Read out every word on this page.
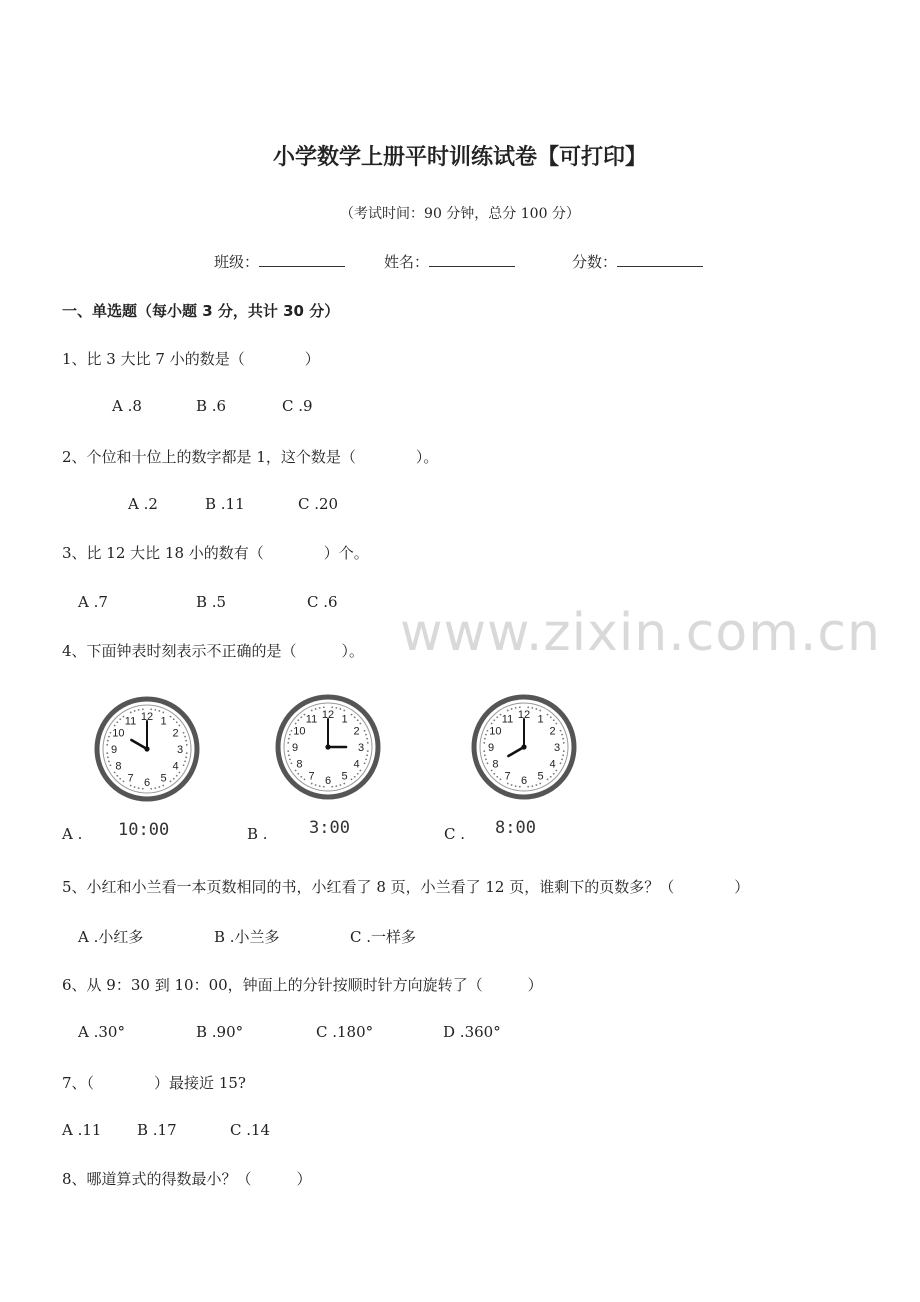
小学数学上册平时训练试卷【可打印】
（考试时间：90 分钟，总分 100 分）
班级：	姓名：	分数：
一、单选题（每小题 3 分，共计 30 分）
1、比 3 大比 7 小的数是（　　　　）
A .8	B .6	C .9
2、个位和十位上的数字都是 1，这个数是（　　　　）。
A .2	B .11	C .20
3、比 12 大比 18 小的数有（　　　　）个。
A .7	B .5	C .6
www.zixin.com.cn
4、下面钟表时刻表示不正确的是（　　　）。
1
2
3
4
5
6
7
8
9
10
11 12	1
2
3
4
5
6
7
8
9
10
11 12	1
2
3
4
5
6
7
8
9
10
11 12
A . 10:00	B . 3:00	C . 8:00
5、小红和小兰看一本页数相同的书，小红看了 8 页，小兰看了 12 页，谁剩下的页数多？（　　　　）
A .小红多	B .小兰多	C .一样多
6、从 9：30 到 10：00，钟面上的分针按顺时针方向旋转了（　　　）
A .30°	B .90°	C .180°	D .360°
7、（　　　　）最接近 15?
A .11 B .17	C .14
8、哪道算式的得数最小？（　　　）
